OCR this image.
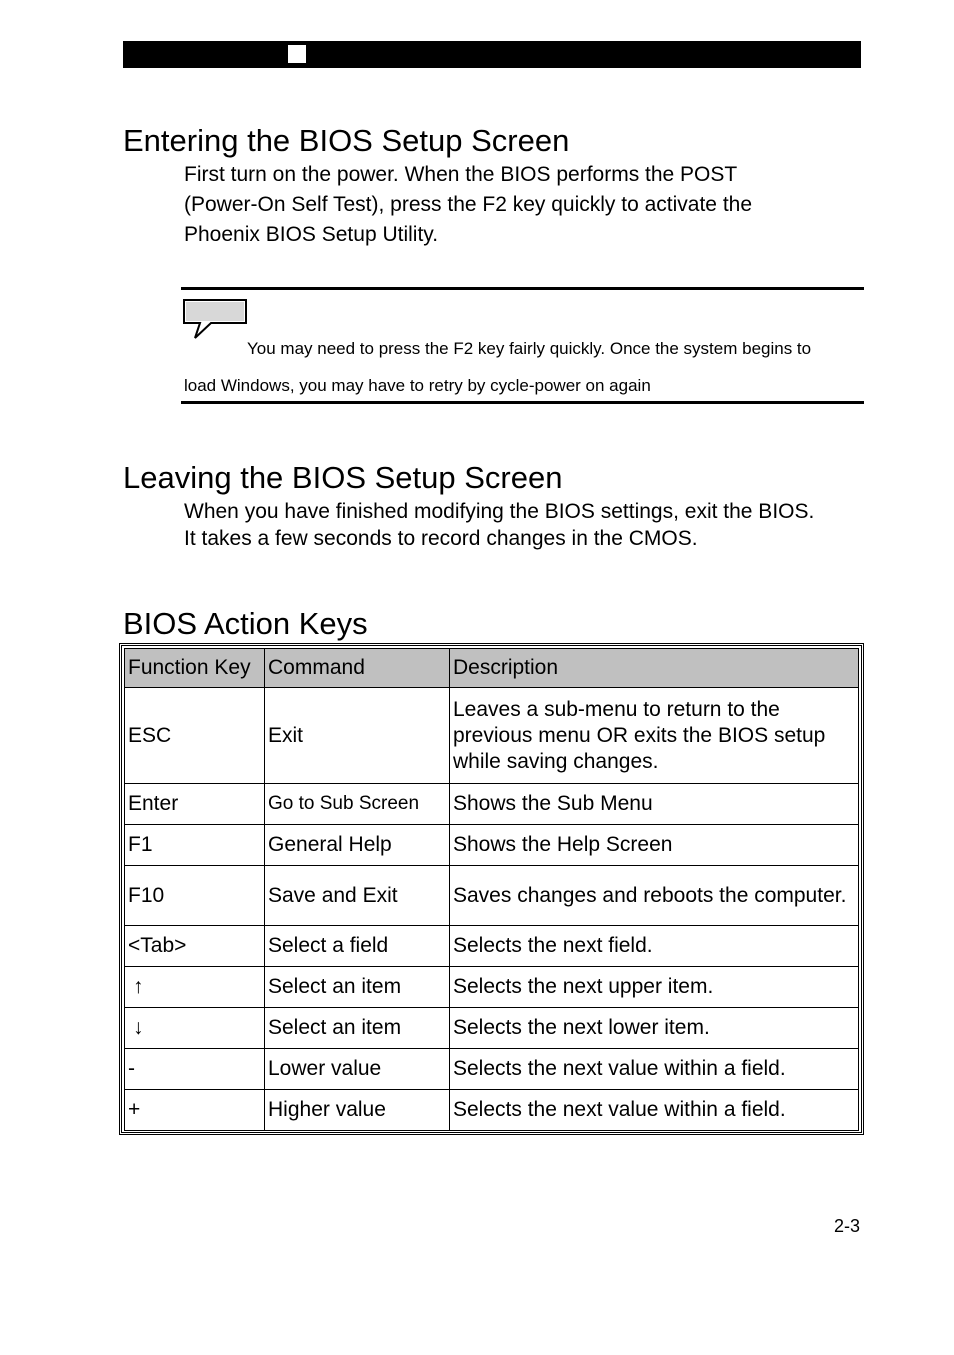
Entering the BIOS Setup Screen
First turn on the power. When the BIOS performs the POST
(Power-On Self Test), press the F2 key quickly to activate the
Phoenix BIOS Setup Utility.
You may need to press the F2 key fairly quickly. Once the system begins to
load Windows, you may have to retry by cycle-power on again
Leaving the BIOS Setup Screen
When you have finished modifying the BIOS settings, exit the BIOS.
It takes a few seconds to record changes in the CMOS.
BIOS Action Keys
Function Key	Command	Description
ESC	Exit	Leaves a sub-menu to return to the previous menu OR exits the BIOS setup while saving changes.
Enter	Go to Sub Screen	Shows the Sub Menu
F1	General Help	Shows the Help Screen
F10	Save and Exit	Saves changes and reboots the computer.
<Tab>	Select a field	Selects the next field.
↑	Select an item	Selects the next upper item.
↓	Select an item	Selects the next lower item.
-	Lower value	Selects the next value within a field.
+	Higher value	Selects the next value within a field.
2-3
